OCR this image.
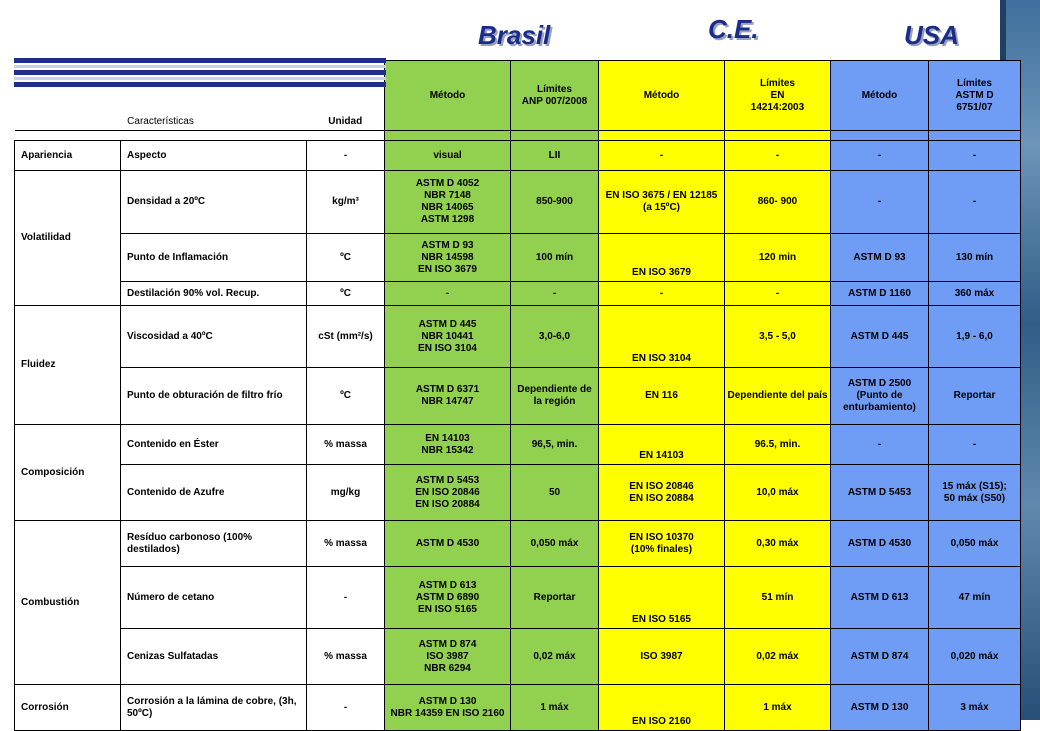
Brasil	C.E.	USA
Características		Unidad	Método	Límites
ANP 007/2008	Método	Límites
EN
14214:2003	Método	Límites
ASTM D
6751/07

Apariencia	Aspecto	-	visual	LII	-	-	-	-
Volatilidad	Densidad a 20ºC	kg/m³	ASTM D 4052
NBR 7148
NBR 14065
ASTM 1298	850-900	EN ISO 3675 / EN 12185
(a 15ºC)	860- 900	-	-
	Punto de Inflamación	ºC	ASTM D 93
NBR 14598
EN ISO 3679	100 mín	EN ISO 3679	120 min	ASTM D 93	130 mín
	Destilación 90% vol. Recup.	ºC	-	-	-	-	ASTM D 1160	360 máx
Fluidez	Viscosidad a 40ºC	cSt (mm²/s)	ASTM D 445
NBR 10441
EN ISO 3104	3,0-6,0	EN ISO 3104	3,5 - 5,0	ASTM D 445	1,9 - 6,0
	Punto de obturación de filtro frío	ºC	ASTM D 6371
NBR 14747	Dependiente de la región	EN 116	Dependiente del país	ASTM D 2500
(Punto de enturbamiento)	Reportar
Composición	Contenido en Éster	% massa	EN 14103
NBR 15342	96,5, min.	EN 14103	96.5, min.	-	-
	Contenido de Azufre	mg/kg	ASTM D 5453
EN ISO 20846
EN ISO 20884	50	EN ISO 20846
EN ISO 20884	10,0 máx	ASTM D 5453	15 máx (S15);
50 máx (S50)
Combustión	Resíduo carbonoso (100% destilados)	% massa	ASTM D 4530	0,050 máx	EN ISO 10370
(10% finales)	0,30 máx	ASTM D 4530	0,050 máx
	Número de cetano	-	ASTM D 613
ASTM D 6890
EN ISO 5165	Reportar	EN ISO 5165	51 mín	ASTM D 613	47 mín
	Cenizas Sulfatadas	% massa	ASTM D 874
ISO 3987
NBR 6294	0,02 máx	ISO 3987	0,02 máx	ASTM D 874	0,020 máx
Corrosión	Corrosión a la lámina de cobre, (3h, 50ºC)	-	ASTM D 130
NBR 14359 EN ISO 2160	1 máx	EN ISO 2160	1 máx	ASTM D 130	3 máx
